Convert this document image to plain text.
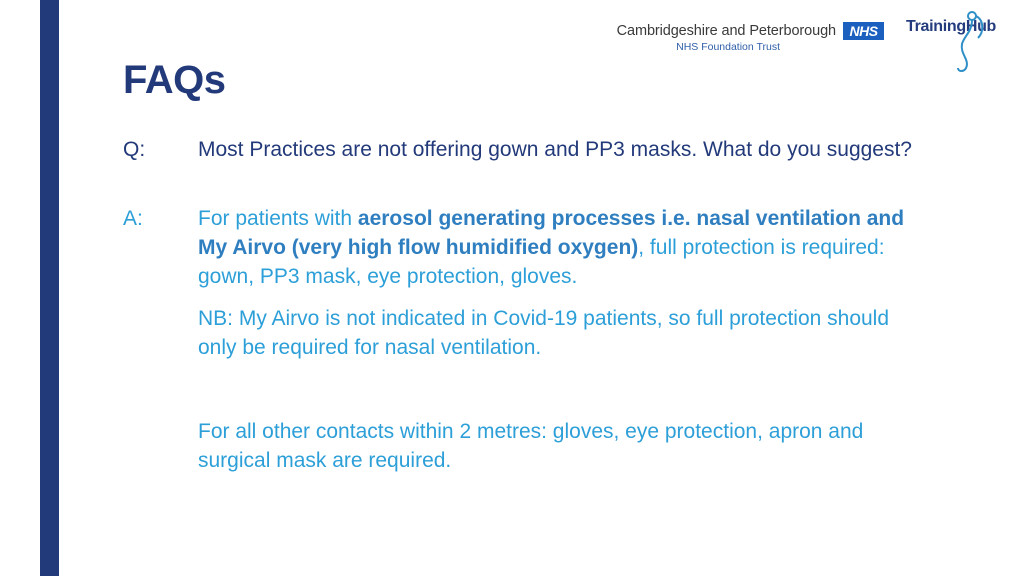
Cambridgeshire and Peterborough
NHS Foundation Trust
NHS	TrainingHub
FAQs
Q:	Most Practices are not offering gown and PP3 masks. What do you suggest?
A:	For patients with aerosol generating processes i.e. nasal ventilation and My Airvo (very high flow humidified oxygen), full protection is required: gown, PP3 mask, eye protection, gloves.
NB: My Airvo is not indicated in Covid-19 patients, so full protection should only be required for nasal ventilation.
For all other contacts within 2 metres: gloves, eye protection, apron and surgical mask are required.
